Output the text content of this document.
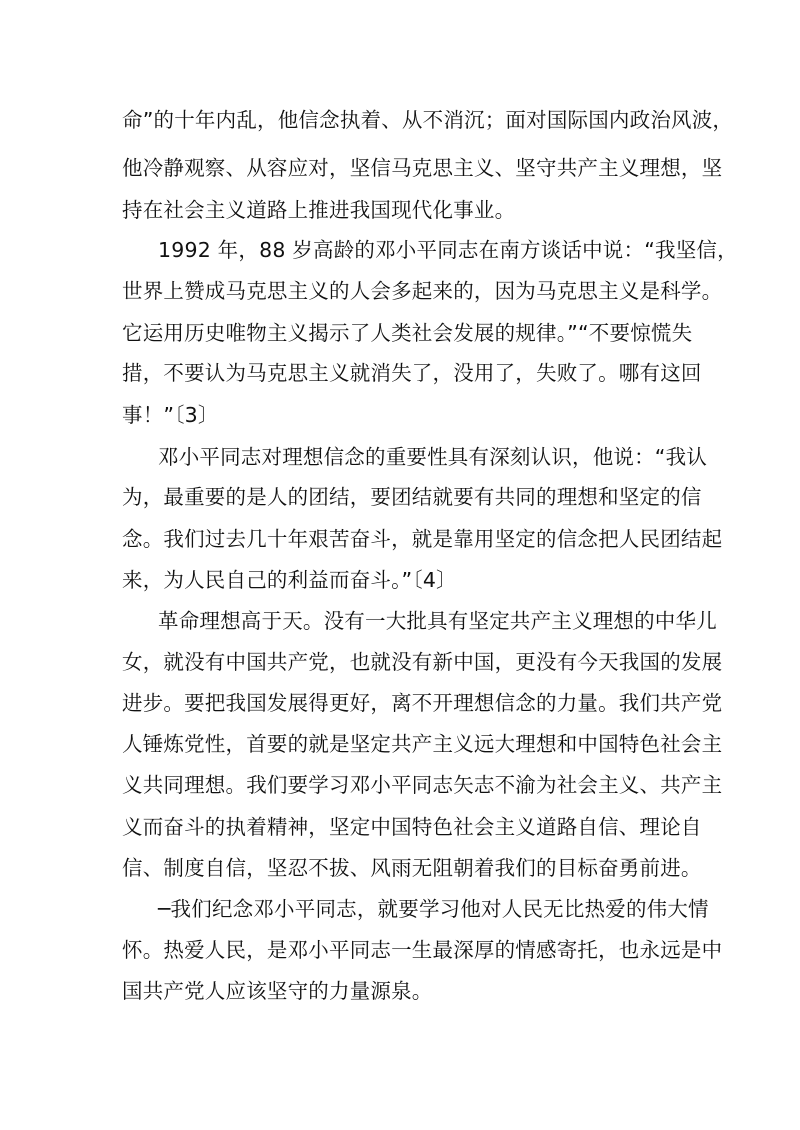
命”的十年内乱，他信念执着、从不消沉；面对国际国内政治风波，
他冷静观察、从容应对，坚信马克思主义、坚守共产主义理想，坚
持在社会主义道路上推进我国现代化事业。
1992 年，88 岁高龄的邓小平同志在南方谈话中说：“我坚信，
世界上赞成马克思主义的人会多起来的，因为马克思主义是科学。
它运用历史唯物主义揭示了人类社会发展的规律。”“不要惊慌失
措，不要认为马克思主义就消失了，没用了，失败了。哪有这回
事！”〔3〕
邓小平同志对理想信念的重要性具有深刻认识，他说：“我认
为，最重要的是人的团结，要团结就要有共同的理想和坚定的信
念。我们过去几十年艰苦奋斗，就是靠用坚定的信念把人民团结起
来，为人民自己的利益而奋斗。”〔4〕
革命理想高于天。没有一大批具有坚定共产主义理想的中华儿
女，就没有中国共产党，也就没有新中国，更没有今天我国的发展
进步。要把我国发展得更好，离不开理想信念的力量。我们共产党
人锤炼党性，首要的就是坚定共产主义远大理想和中国特色社会主
义共同理想。我们要学习邓小平同志矢志不渝为社会主义、共产主
义而奋斗的执着精神，坚定中国特色社会主义道路自信、理论自
信、制度自信，坚忍不拔、风雨无阻朝着我们的目标奋勇前进。
─我们纪念邓小平同志，就要学习他对人民无比热爱的伟大情
怀。热爱人民，是邓小平同志一生最深厚的情感寄托，也永远是中
国共产党人应该坚守的力量源泉。
